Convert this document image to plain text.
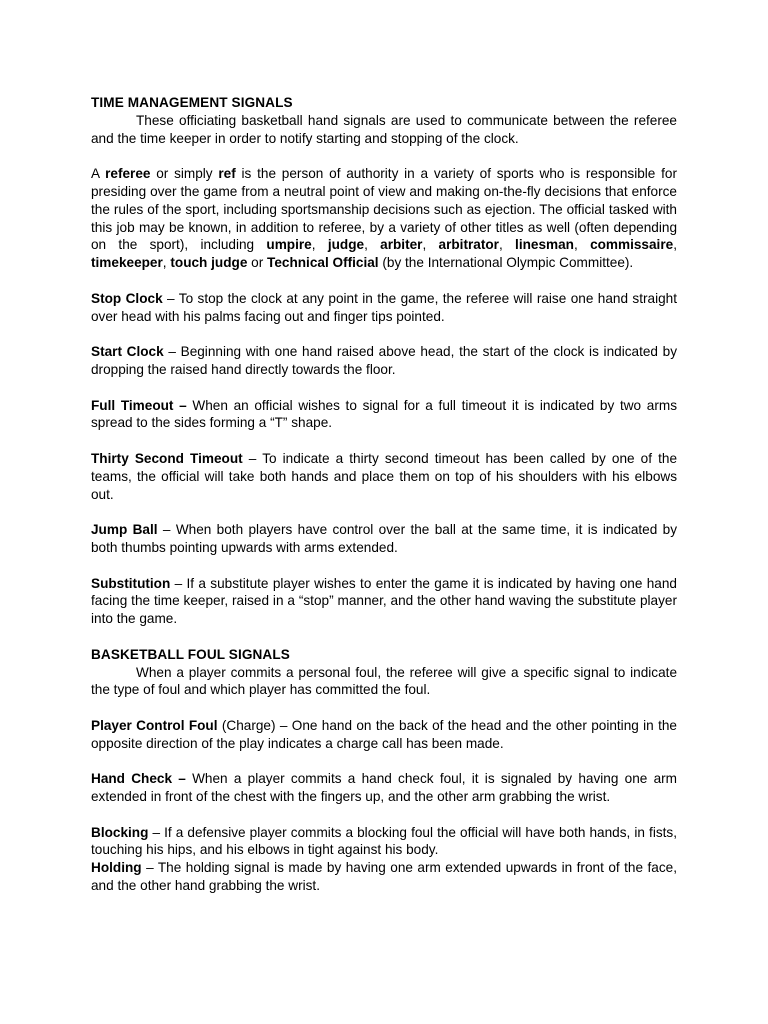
TIME MANAGEMENT SIGNALS

These officiating basketball hand signals are used to communicate between the referee and the time keeper in order to notify starting and stopping of the clock.

A referee or simply ref is the person of authority in a variety of sports who is responsible for presiding over the game from a neutral point of view and making on-the-fly decisions that enforce the rules of the sport, including sportsmanship decisions such as ejection. The official tasked with this job may be known, in addition to referee, by a variety of other titles as well (often depending on the sport), including umpire, judge, arbiter, arbitrator, linesman, commissaire, timekeeper, touch judge or Technical Official (by the International Olympic Committee).

Stop Clock – To stop the clock at any point in the game, the referee will raise one hand straight over head with his palms facing out and finger tips pointed.

Start Clock – Beginning with one hand raised above head, the start of the clock is indicated by dropping the raised hand directly towards the floor.

Full Timeout – When an official wishes to signal for a full timeout it is indicated by two arms spread to the sides forming a “T” shape.

Thirty Second Timeout – To indicate a thirty second timeout has been called by one of the teams, the official will take both hands and place them on top of his shoulders with his elbows out.

Jump Ball – When both players have control over the ball at the same time, it is indicated by both thumbs pointing upwards with arms extended.

Substitution – If a substitute player wishes to enter the game it is indicated by having one hand facing the time keeper, raised in a “stop” manner, and the other hand waving the substitute player into the game.

BASKETBALL FOUL SIGNALS

When a player commits a personal foul, the referee will give a specific signal to indicate the type of foul and which player has committed the foul.

Player Control Foul (Charge) – One hand on the back of the head and the other pointing in the opposite direction of the play indicates a charge call has been made.

Hand Check – When a player commits a hand check foul, it is signaled by having one arm extended in front of the chest with the fingers up, and the other arm grabbing the wrist.

Blocking – If a defensive player commits a blocking foul the official will have both hands, in fists, touching his hips, and his elbows in tight against his body.

Holding – The holding signal is made by having one arm extended upwards in front of the face, and the other hand grabbing the wrist.
